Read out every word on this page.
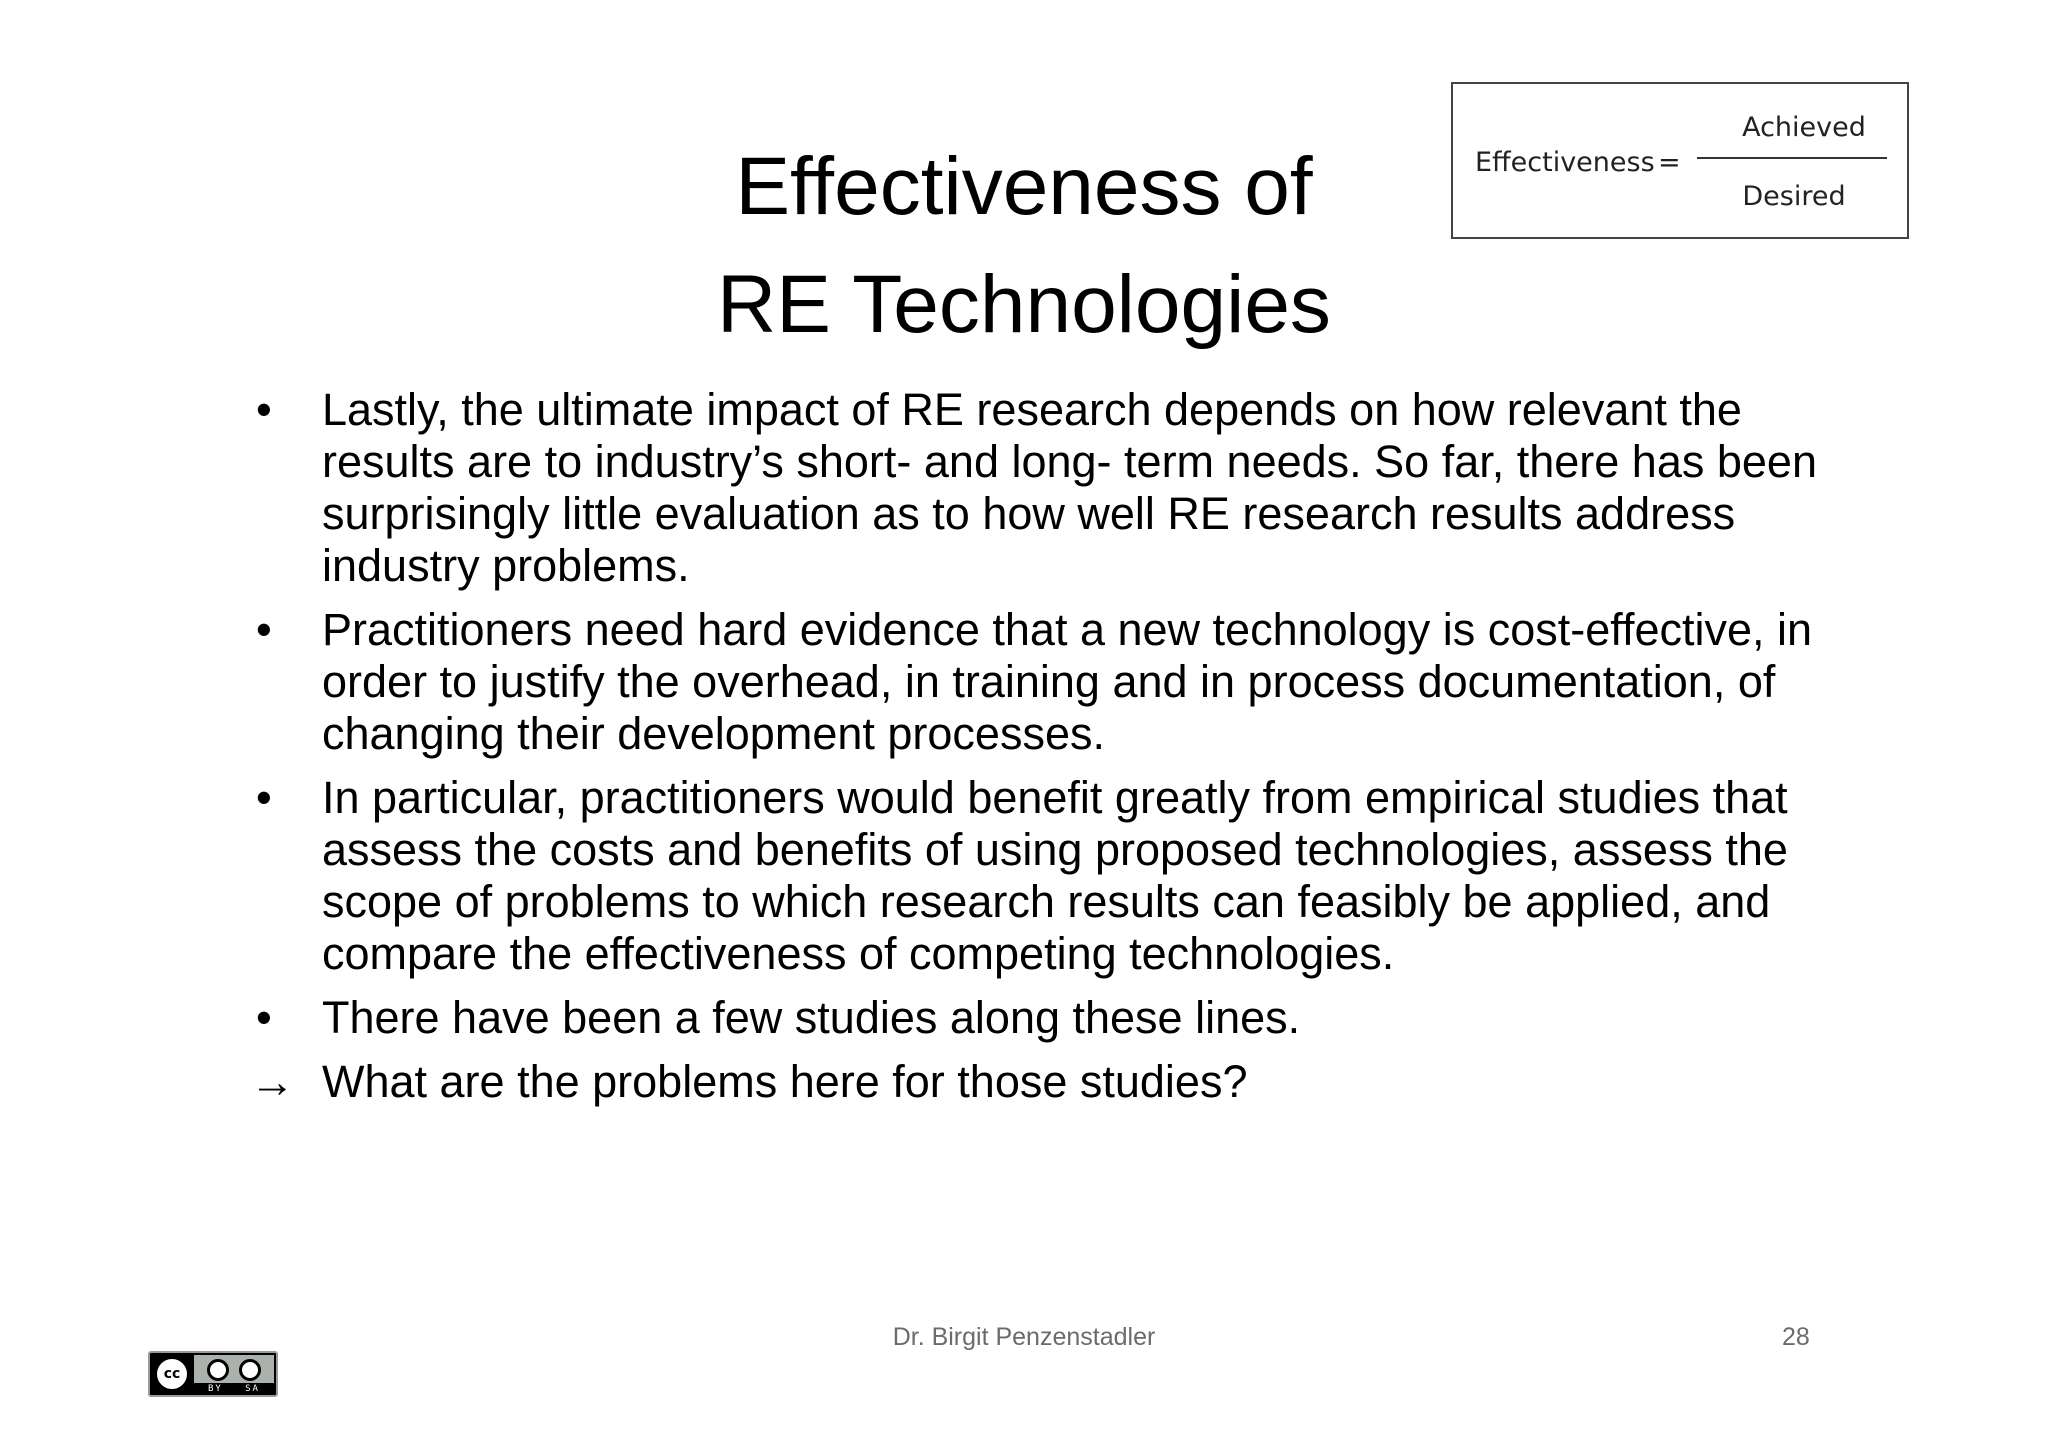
Effectiveness of
RE Technologies
Effectiveness =
Achieved
Desired
• Lastly, the ultimate impact of RE research depends on how relevant the results are to industry’s short- and long- term needs. So far, there has been surprisingly little evaluation as to how well RE research results address industry problems.
• Practitioners need hard evidence that a new technology is cost-effective, in order to justify the overhead, in training and in process documentation, of changing their development processes.
• In particular, practitioners would benefit greatly from empirical studies that assess the costs and benefits of using proposed technologies, assess the scope of problems to which research results can feasibly be applied, and compare the effectiveness of competing technologies.
• There have been a few studies along these lines.
→ What are the problems here for those studies?
Dr. Birgit Penzenstadler	28
cc
BY SA
